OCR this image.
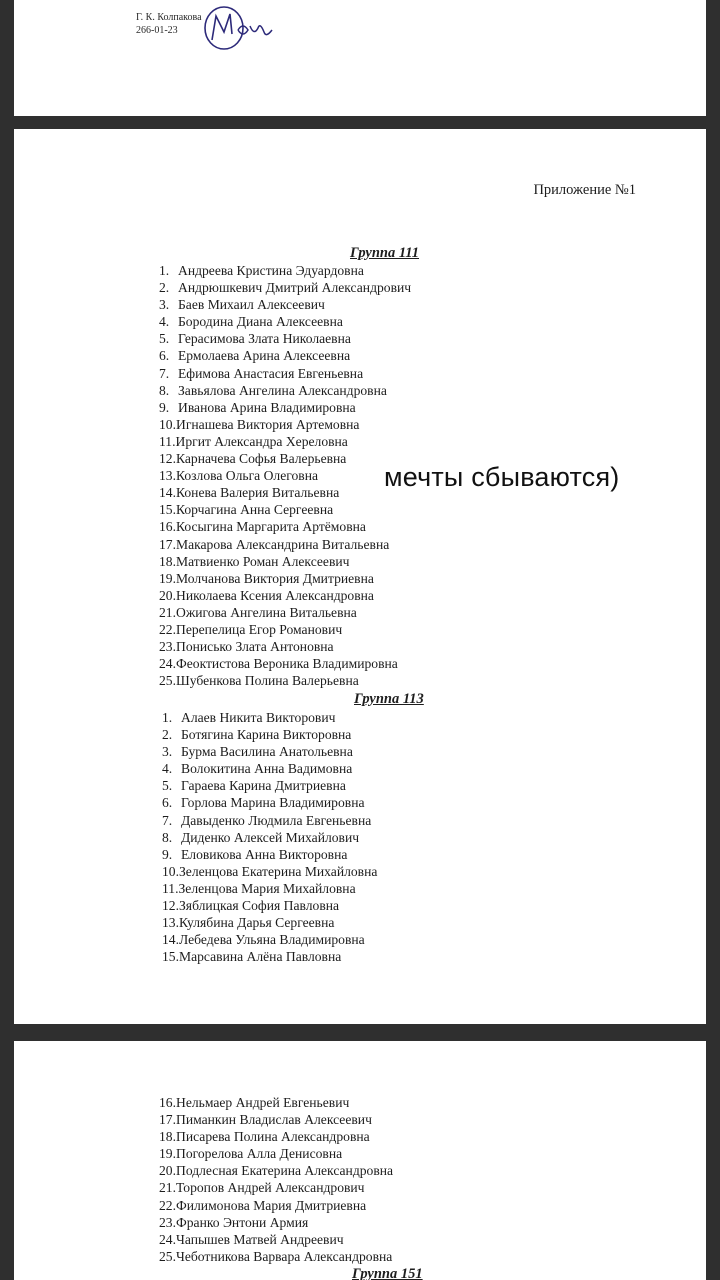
Г. К. Колпакова
266-01-23
Приложение №1
Группа 111
1. Андреева Кристина Эдуардовна
2. Андрюшкевич Дмитрий Александрович
3. Баев Михаил Алексеевич
4. Бородина Диана Алексеевна
5. Герасимова Злата Николаевна
6. Ермолаева Арина Алексеевна
7. Ефимова Анастасия Евгеньевна
8. Завьялова Ангелина Александровна
9. Иванова Арина Владимировна
10.Игнашева Виктория Артемовна
11.Иргит Александра Хереловна
12.Карначева Софья Валерьевна
13.Козлова Ольга Олеговна
14.Конева Валерия Витальевна
15.Корчагина Анна Сергеевна
16.Косыгина Маргарита Артёмовна
17.Макарова Александрина Витальевна
18.Матвиенко Роман Алексеевич
19.Молчанова Виктория Дмитриевна
20.Николаева Ксения Александровна
21.Ожигова Ангелина Витальевна
22.Перепелица Егор Романович
23.Понисько Злата Антоновна
24.Феоктистова Вероника Владимировна
25.Шубенкова Полина Валерьевна
Группа 113
1. Алаев Никита Викторович
2. Ботягина Карина Викторовна
3. Бурма Василина Анатольевна
4. Волокитина Анна Вадимовна
5. Гараева Карина Дмитриевна
6. Горлова Марина Владимировна
7. Давыденко Людмила Евгеньевна
8. Диденко Алексей Михайлович
9. Еловикова Анна Викторовна
10.Зеленцова Екатерина Михайловна
11.Зеленцова Мария Михайловна
12.Зяблицкая София Павловна
13.Кулябина Дарья Сергеевна
14.Лебедева Ульяна Владимировна
15.Марсавина Алёна Павловна
16.Нельмаер Андрей Евгеньевич
17.Пиманкин Владислав Алексеевич
18.Писарева Полина Александровна
19.Погорелова Алла Денисовна
20.Подлесная Екатерина Александровна
21.Торопов Андрей Александрович
22.Филимонова Мария Дмитриевна
23.Франко Энтони Армия
24.Чапышев Матвей Андреевич
25.Чеботникова Варвара Александровна
Группа 151
мечты сбываются)
